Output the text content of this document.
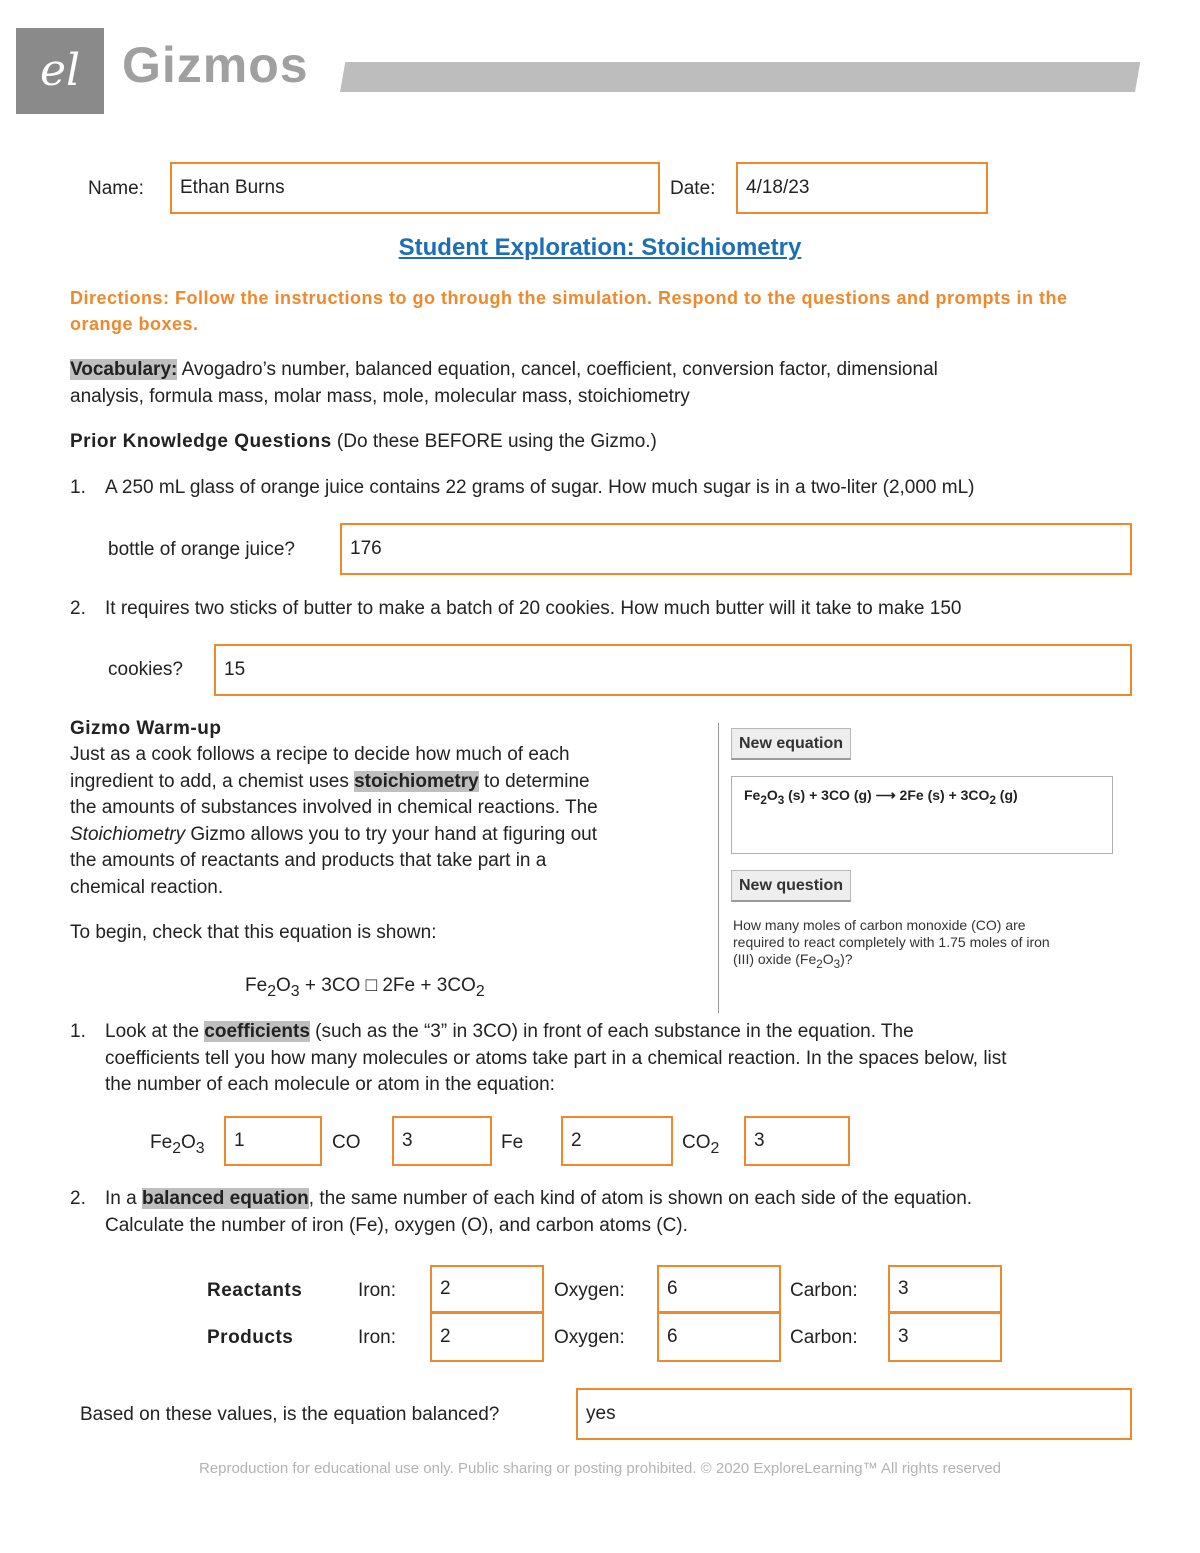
el Gizmos
Name: Ethan Burns	Date: 4/18/23
Student Exploration: Stoichiometry
Directions: Follow the instructions to go through the simulation. Respond to the questions and prompts in the orange boxes.
Vocabulary: Avogadro’s number, balanced equation, cancel, coefficient, conversion factor, dimensional
analysis, formula mass, molar mass, mole, molecular mass, stoichiometry
Prior Knowledge Questions (Do these BEFORE using the Gizmo.)
1. A 250 mL glass of orange juice contains 22 grams of sugar. How much sugar is in a two-liter (2,000 mL)
bottle of orange juice?	176
2. It requires two sticks of butter to make a batch of 20 cookies. How much butter will it take to make 150
cookies? 15
Gizmo Warm-up
Just as a cook follows a recipe to decide how much of each
ingredient to add, a chemist uses stoichiometry to determine
the amounts of substances involved in chemical reactions. The
Stoichiometry Gizmo allows you to try your hand at figuring out
the amounts of reactants and products that take part in a
chemical reaction.
To begin, check that this equation is shown:
$Fe_2O_3 + 3CO$ □ $2Fe + 3CO_2$
New equation
$Fe_2O_3$ (s) + 3CO (g) ⟶ 2Fe $(s) + 3CO_2$ (g)
New question
How many moles of carbon monoxide (CO) are
required to react completely with 1.75 moles of iron
(III) oxide $(Fe_2O_3)$?
1. Look at the coefficients (such as the “3” in 3CO) in front of each substance in the equation. The
coefficients tell you how many molecules or atoms take part in a chemical reaction. In the spaces below, list
the number of each molecule or atom in the equation:
$Fe_2O_3$ 1	CO 3	Fe	2	$CO_2$ 3
2. In a balanced equation, the same number of each kind of atom is shown on each side of the equation.
Calculate the number of iron (Fe), oxygen (O), and carbon atoms (C).
Reactants	Iron: 2	Oxygen: 6	Carbon: 3
Products	Iron: 2	Oxygen: 6	Carbon: 3
Based on these values, is the equation balanced?	yes
Reproduction for educational use only. Public sharing or posting prohibited. © 2020 ExploreLearning™ All rights reserved
